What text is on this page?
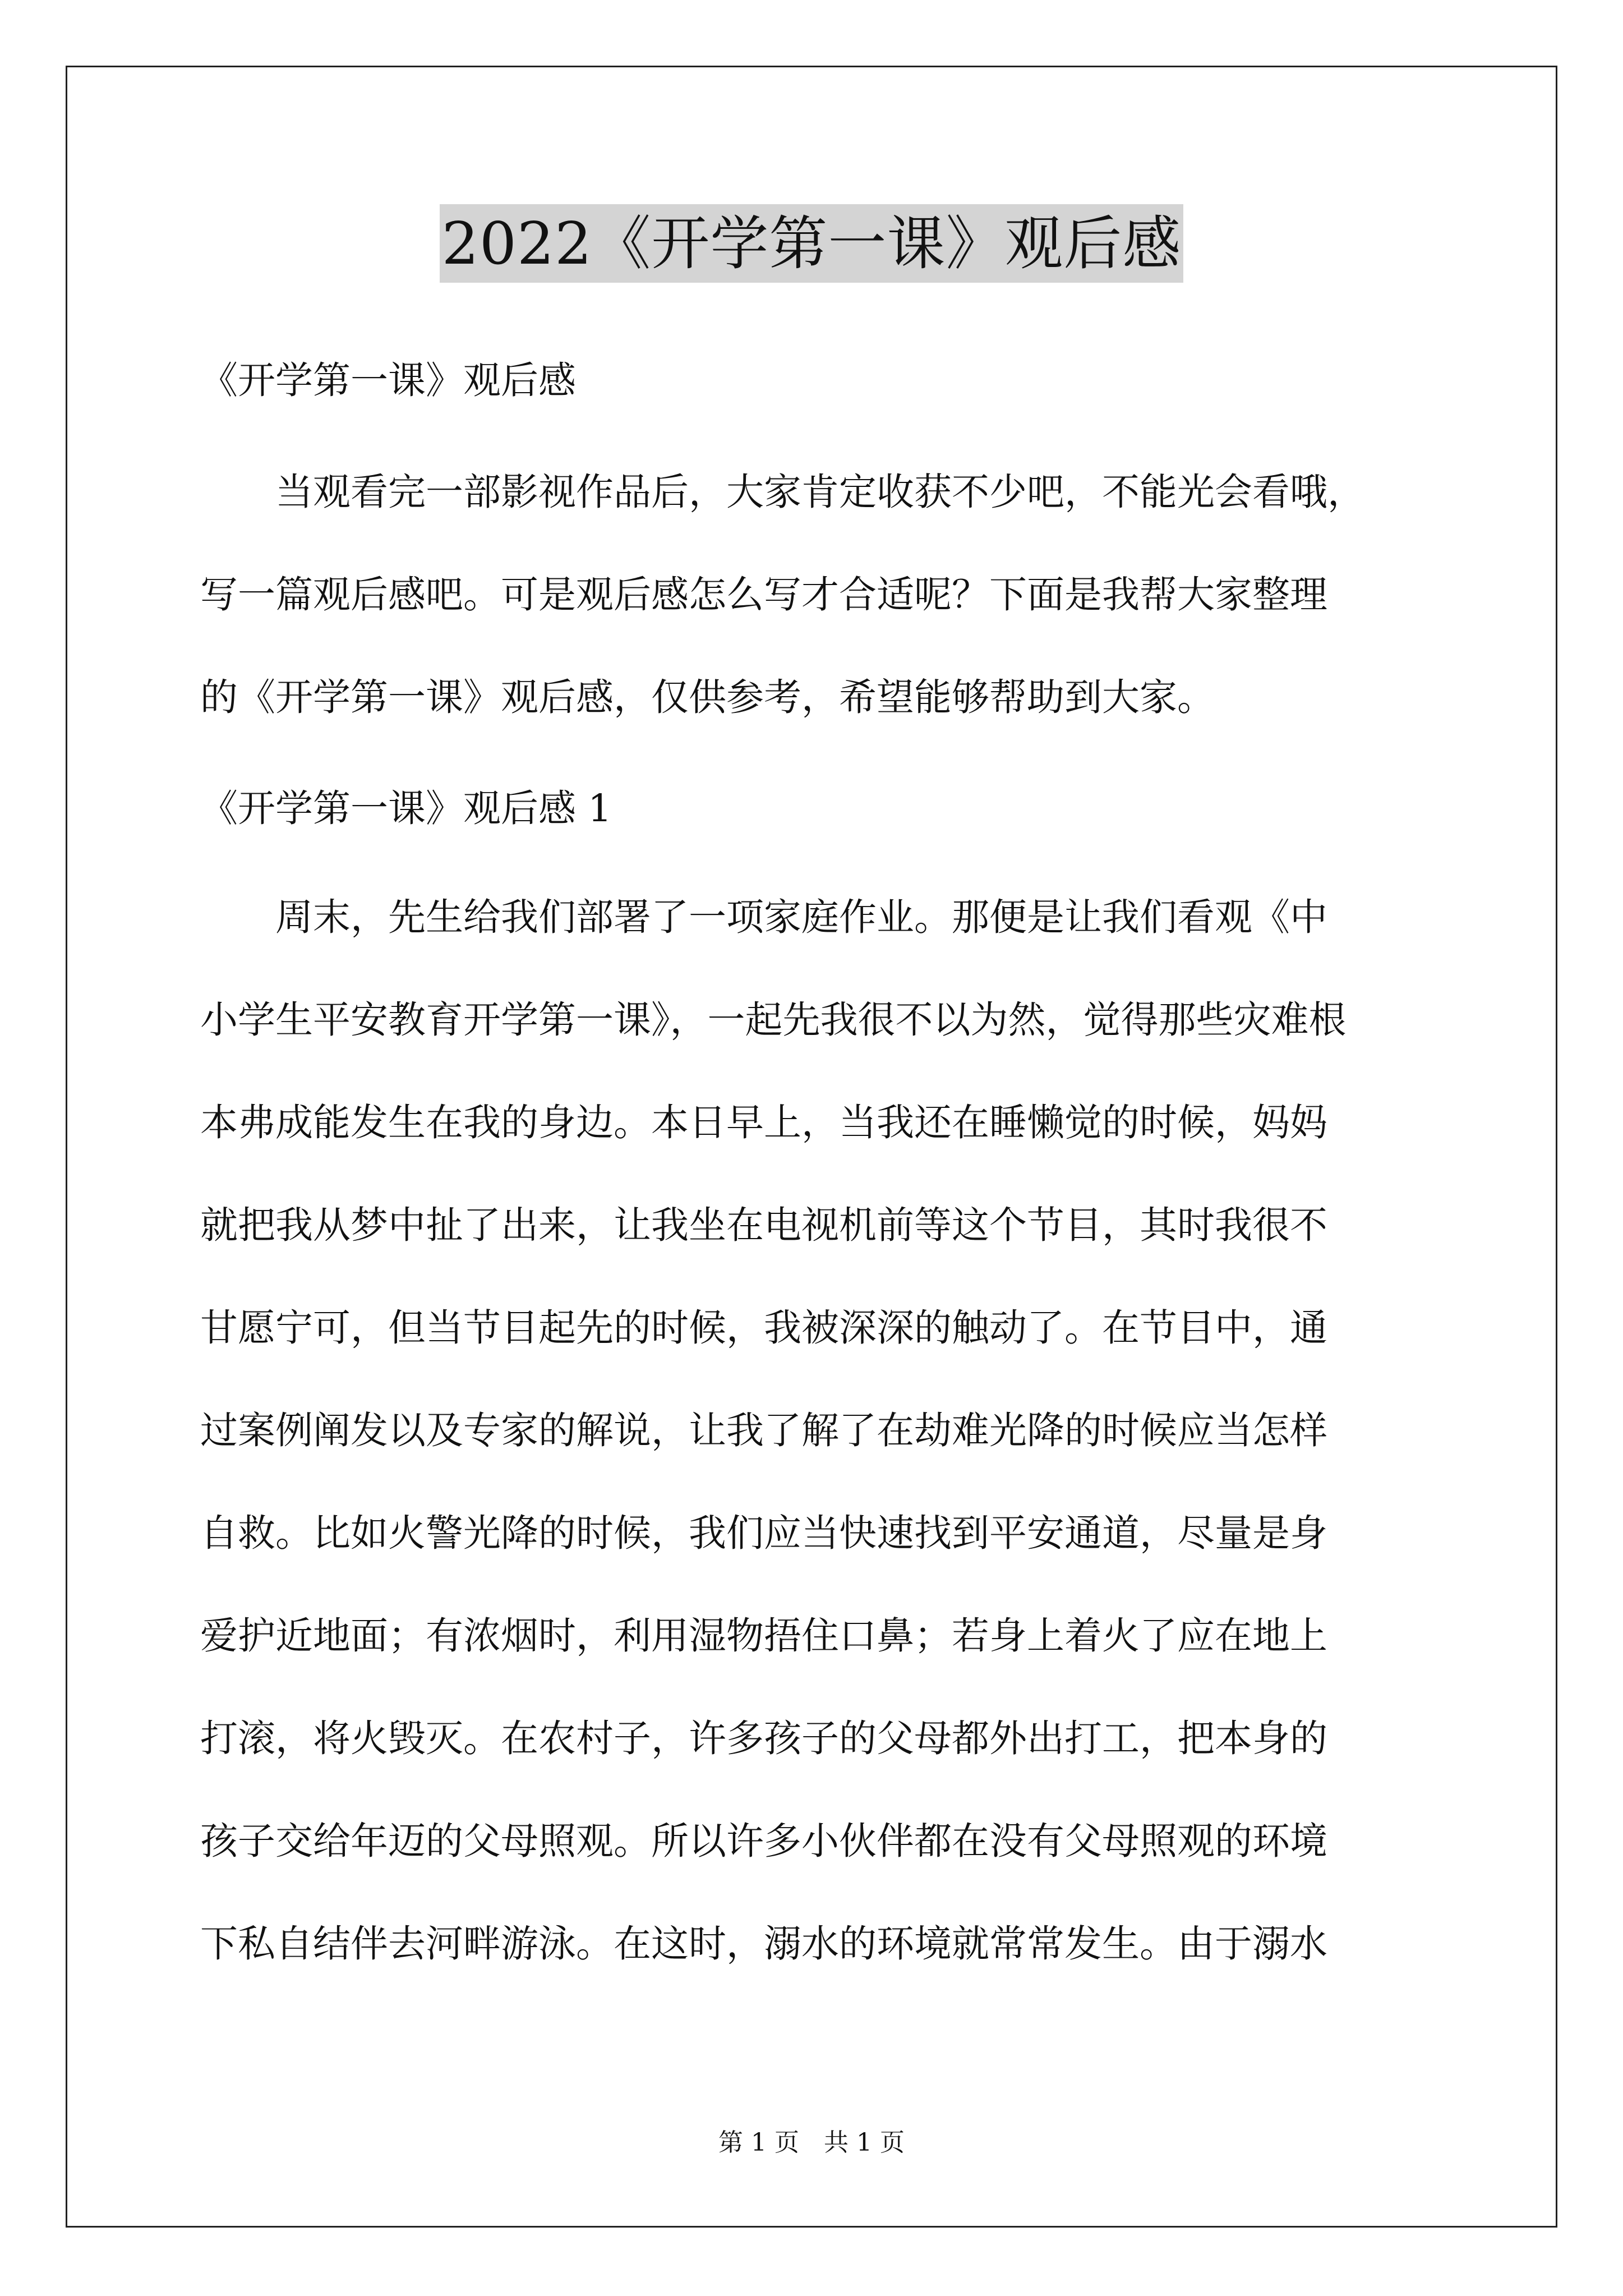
2022《开学第一课》观后感
《开学第一课》观后感
　　当观看完一部影视作品后，大家肯定收获不少吧，不能光会看哦，
写一篇观后感吧。可是观后感怎么写才合适呢？下面是我帮大家整理
的《开学第一课》观后感，仅供参考，希望能够帮助到大家。
《开学第一课》观后感 1
　　周末，先生给我们部署了一项家庭作业。那便是让我们看观《中
小学生平安教育开学第一课》，一起先我很不以为然，觉得那些灾难根
本弗成能发生在我的身边。本日早上，当我还在睡懒觉的时候，妈妈
就把我从梦中扯了出来，让我坐在电视机前等这个节目，其时我很不
甘愿宁可，但当节目起先的时候，我被深深的触动了。在节目中，通
过案例阐发以及专家的解说，让我了解了在劫难光降的时候应当怎样
自救。比如火警光降的时候，我们应当快速找到平安通道，尽量是身
爱护近地面；有浓烟时，利用湿物捂住口鼻；若身上着火了应在地上
打滚，将火毁灭。在农村子，许多孩子的父母都外出打工，把本身的
孩子交给年迈的父母照观。所以许多小伙伴都在没有父母照观的环境
下私自结伴去河畔游泳。在这时，溺水的环境就常常发生。由于溺水
第 1 页　共 1 页
